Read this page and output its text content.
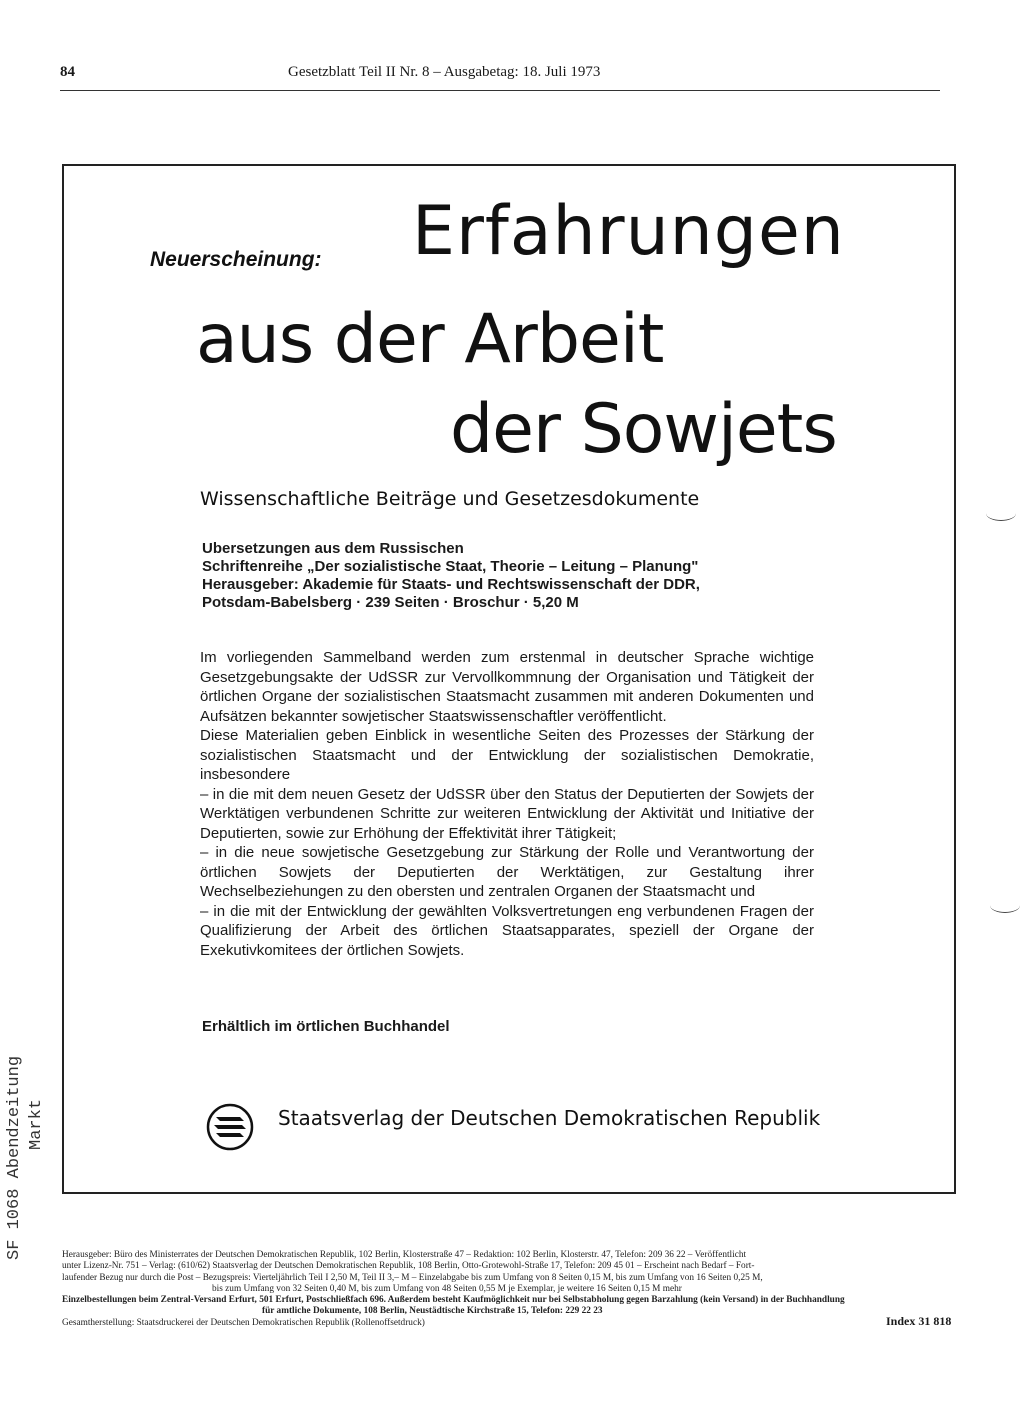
84	Gesetzblatt Teil II Nr. 8 – Ausgabetag: 18. Juli 1973
Neuerscheinung: Erfahrungen
aus der Arbeit
der Sowjets
Wissenschaftliche Beiträge und Gesetzesdokumente
Ubersetzungen aus dem Russischen
Schriftenreihe „Der sozialistische Staat, Theorie – Leitung – Planung"
Herausgeber: Akademie für Staats- und Rechtswissenschaft der DDR,
Potsdam-Babelsberg · 239 Seiten · Broschur · 5,20 M

Im vorliegenden Sammelband werden zum erstenmal in deutscher Sprache wichtige Gesetzgebungsakte der UdSSR zur Vervollkommnung der Organisation und Tätigkeit der örtlichen Organe der sozialistischen Staatsmacht zusammen mit anderen Dokumenten und Aufsätzen bekannter sowjetischer Staatswissenschaftler veröffentlicht.

Diese Materialien geben Einblick in wesentliche Seiten des Prozesses der Stärkung der sozialistischen Staatsmacht und der Entwicklung der sozialistischen Demokratie, insbesondere

– in die mit dem neuen Gesetz der UdSSR über den Status der Deputierten der Sowjets der Werktätigen verbundenen Schritte zur weiteren Entwicklung der Aktivität und Initiative der Deputierten, sowie zur Erhöhung der Effektivität ihrer Tätigkeit;

– in die neue sowjetische Gesetzgebung zur Stärkung der Rolle und Verantwortung der örtlichen Sowjets der Deputierten der Werktätigen, zur Gestaltung ihrer Wechselbeziehungen zu den obersten und zentralen Organen der Staatsmacht und

– in die mit der Entwicklung der gewählten Volksvertretungen eng verbundenen Fragen der Qualifizierung der Arbeit des örtlichen Staatsapparates, speziell der Organe der Exekutivkomitees der örtlichen Sowjets.

Erhältlich im örtlichen Buchhandel
Staatsverlag der Deutschen Demokratischen Republik
SF 1068 Abendzeitung Markt
Herausgeber: Büro des Ministerrates der Deutschen Demokratischen Republik, 102 Berlin, Klosterstraße 47 – Redaktion: 102 Berlin, Klosterstr. 47, Telefon: 209 36 22 – Veröffentlicht
unter Lizenz-Nr. 751 – Verlag: (610/62) Staatsverlag der Deutschen Demokratischen Republik, 108 Berlin, Otto-Grotewohl-Straße 17, Telefon: 209 45 01 – Erscheint nach Bedarf – Fort-
laufender Bezug nur durch die Post – Bezugspreis: Vierteljährlich Teil I 2,50 M, Teil II 3,– M – Einzelabgabe bis zum Umfang von 8 Seiten 0,15 M, bis zum Umfang von 16 Seiten 0,25 M,
bis zum Umfang von 32 Seiten 0,40 M, bis zum Umfang von 48 Seiten 0,55 M je Exemplar, je weitere 16 Seiten 0,15 M mehr
Einzelbestellungen beim Zentral-Versand Erfurt, 501 Erfurt, Postschließfach 696. Außerdem besteht Kaufmöglichkeit nur bei Selbstabholung gegen Barzahlung (kein Versand) in der Buchhandlung
für amtliche Dokumente, 108 Berlin, Neustädtische Kirchstraße 15, Telefon: 229 22 23
Gesamtherstellung: Staatsdruckerei der Deutschen Demokratischen Republik (Rollenoffsetdruck)	Index 31 818
